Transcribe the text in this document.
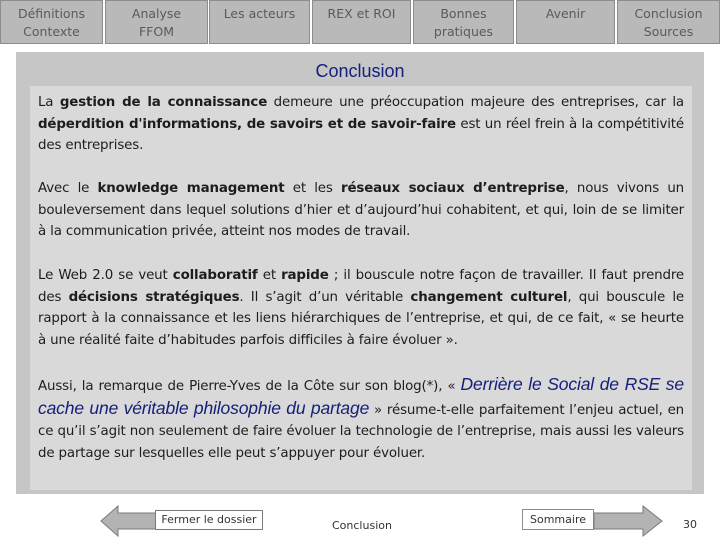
Définitions
Contexte
Analyse
FFOM
Les acteurs	REX et ROI	Bonnes
pratiques
Avenir	Conclusion
Sources
Conclusion

La gestion de la connaissance demeure une préoccupation majeure des entreprises, car la déperdition d'informations, de savoirs et de savoir-faire est un réel frein à la compétitivité des entreprises.

Avec le knowledge management et les réseaux sociaux d’entreprise, nous vivons un bouleversement dans lequel solutions d’hier et d’aujourd’hui cohabitent, et qui, loin de se limiter à la communication privée, atteint nos modes de travail.

Le Web 2.0 se veut collaboratif et rapide ; il bouscule notre façon de travailler. Il faut prendre des décisions stratégiques. Il s’agit d’un véritable changement culturel, qui bouscule le rapport à la connaissance et les liens hiérarchiques de l’entreprise, et qui, de ce fait, « se heurte à une réalité faite d’habitudes parfois difficiles à faire évoluer ».

Aussi, la remarque de Pierre-Yves de la Côte sur son blog(*), « Derrière le Social de RSE se cache une véritable philosophie du partage » résume-t-elle parfaitement l’enjeu actuel, en ce qu’il s’agit non seulement de faire évoluer la technologie de l’entreprise, mais aussi les valeurs de partage sur lesquelles elle peut s’appuyer pour évoluer.

Fermer le dossier	Conclusion	Sommaire	30
